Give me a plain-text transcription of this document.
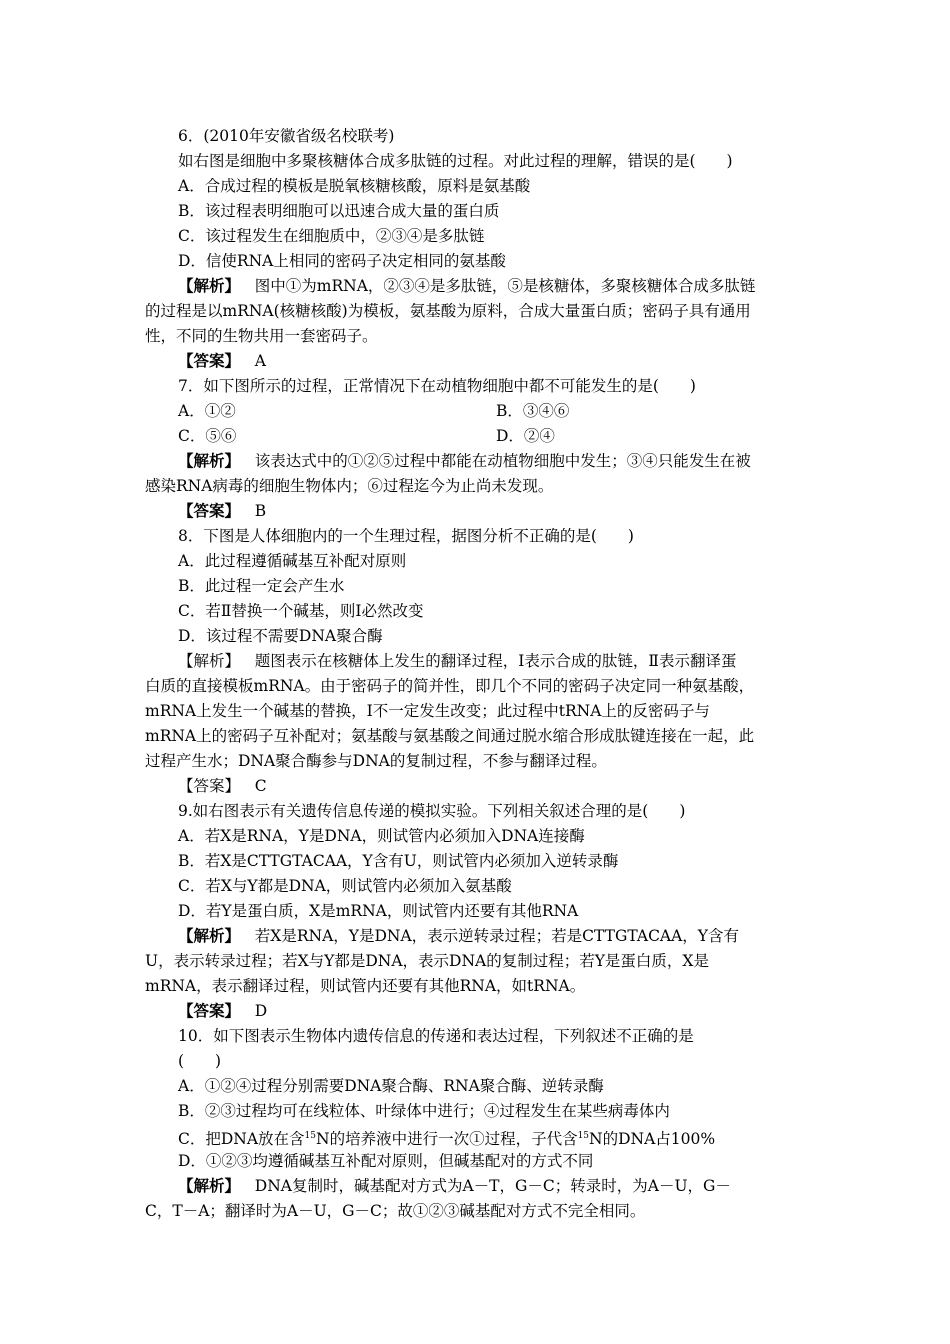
6．(2010年安徽省级名校联考)
如右图是细胞中多聚核糖体合成多肽链的过程。对此过程的理解，错误的是(　　)
A．合成过程的模板是脱氧核糖核酸，原料是氨基酸
B．该过程表明细胞可以迅速合成大量的蛋白质
C．该过程发生在细胞质中，②③④是多肽链
D．信使RNA上相同的密码子决定相同的氨基酸
【解析】 图中①为mRNA，②③④是多肽链，⑤是核糖体，多聚核糖体合成多肽链
的过程是以mRNA(核糖核酸)为模板，氨基酸为原料，合成大量蛋白质；密码子具有通用
性，不同的生物共用一套密码子。
【答案】 A
7．如下图所示的过程，正常情况下在动植物细胞中都不可能发生的是(　　)
A．①②	B．③④⑥
C．⑤⑥	D．②④
【解析】 该表达式中的①②⑤过程中都能在动植物细胞中发生；③④只能发生在被
感染RNA病毒的细胞生物体内；⑥过程迄今为止尚未发现。
【答案】 B
8．下图是人体细胞内的一个生理过程，据图分析不正确的是(　　)
A．此过程遵循碱基互补配对原则
B．此过程一定会产生水
C．若Ⅱ替换一个碱基，则Ⅰ必然改变
D．该过程不需要DNA聚合酶
【解析】 题图表示在核糖体上发生的翻译过程，Ⅰ表示合成的肽链，Ⅱ表示翻译蛋
白质的直接模板mRNA。由于密码子的简并性，即几个不同的密码子决定同一种氨基酸，
mRNA上发生一个碱基的替换，Ⅰ不一定发生改变；此过程中tRNA上的反密码子与
mRNA上的密码子互补配对；氨基酸与氨基酸之间通过脱水缩合形成肽键连接在一起，此
过程产生水；DNA聚合酶参与DNA的复制过程，不参与翻译过程。
【答案】 C
9.如右图表示有关遗传信息传递的模拟实验。下列相关叙述合理的是(　　)
A．若X是RNA，Y是DNA，则试管内必须加入DNA连接酶
B．若X是CTTGTACAA，Y含有U，则试管内必须加入逆转录酶
C．若X与Y都是DNA，则试管内必须加入氨基酸
D．若Y是蛋白质，X是mRNA，则试管内还要有其他RNA
【解析】 若X是RNA，Y是DNA，表示逆转录过程；若是CTTGTACAA，Y含有
U，表示转录过程；若X与Y都是DNA，表示DNA的复制过程；若Y是蛋白质，X是
mRNA，表示翻译过程，则试管内还要有其他RNA，如tRNA。
【答案】 D
10．如下图表示生物体内遗传信息的传递和表达过程，下列叙述不正确的是
(　　)
A．①②④过程分别需要DNA聚合酶、RNA聚合酶、逆转录酶
B．②③过程均可在线粒体、叶绿体中进行；④过程发生在某些病毒体内
C．把DNA放在含$^{15}$N的培养液中进行一次①过程，子代含$^{15}$N的DNA占100%
D．①②③均遵循碱基互补配对原则，但碱基配对的方式不同
【解析】 DNA复制时，碱基配对方式为A－T，G－C；转录时，为A－U，G－
C，T－A；翻译时为A－U，G－C；故①②③碱基配对方式不完全相同。
